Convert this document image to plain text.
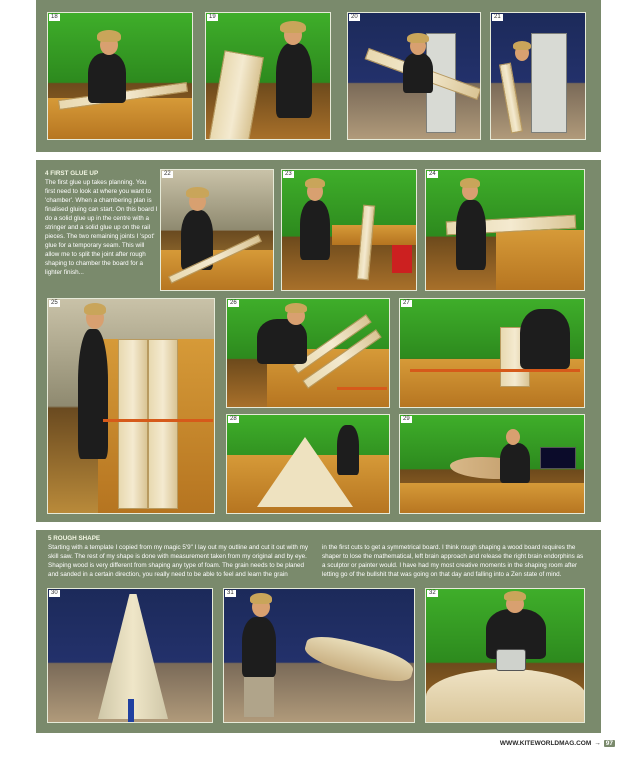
18	19	20	21
4 FIRST GLUE UP
The first glue up takes planning. You first need to look at where you want to 'chamber'. When a chambering plan is finalised gluing can start. On this board I do a solid glue up in the centre with a stringer and a solid glue up on the rail pieces. The two remaining joints I 'spot' glue for a temporary seam. This will allow me to split the joint after rough shaping to chamber the board for a lighter finish...
22	23	24
25	26	27
28	29
5 ROUGH SHAPE
Starting with a template I copied from my magic 5'9" I lay out my outline and cut it out with my skill saw. The rest of my shape is done with measurement taken from my original and by eye. Shaping wood is very different from shaping any type of foam. The grain needs to be planed and sanded in a certain direction, you really need to be able to feel and learn the grain
in the first cuts to get a symmetrical board. I think rough shaping a wood board requires the shaper to lose the mathematical, left brain approach and release the right brain endorphins as a sculptor or painter would. I have had my most creative moments in the shaping room after letting go of the bullshit that was going on that day and falling into a Zen state of mind.
30	31	32
WWW.KITEWORLDMAG.COM → 97
